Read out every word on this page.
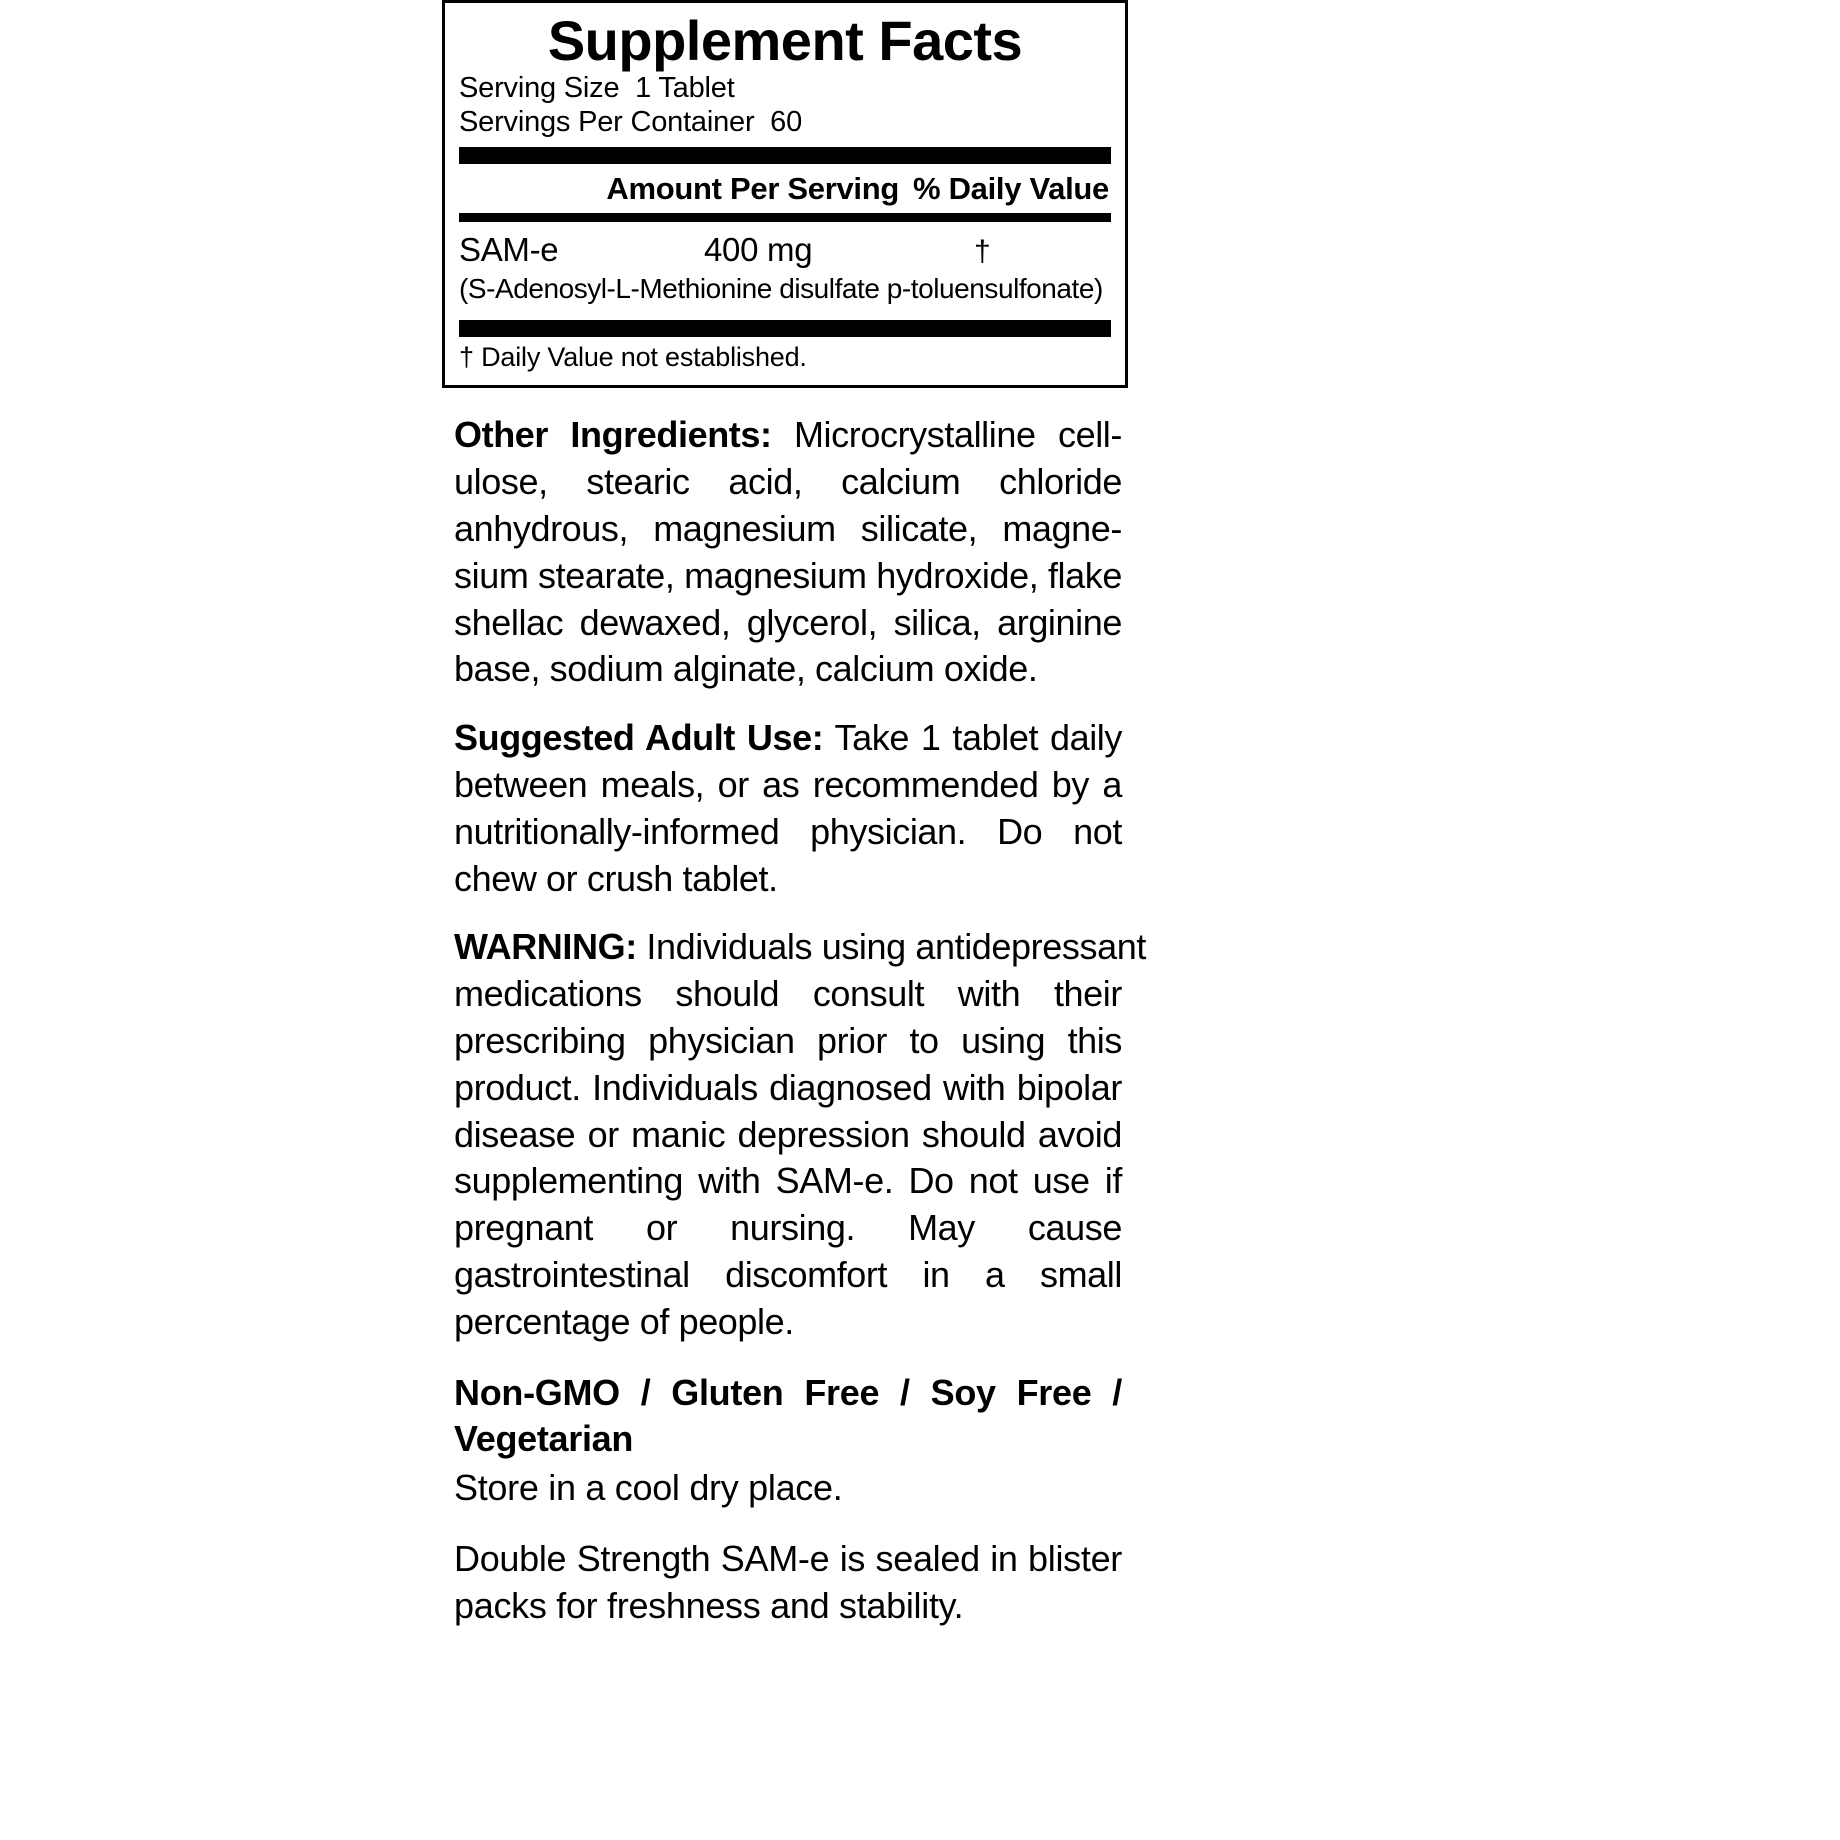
Supplement Facts
Serving Size 1 Tablet
Servings Per Container 60
Amount Per Serving % Daily Value
SAM-e	400 mg	†
(S-Adenosyl-L-Methionine disulfate p-toluensulfonate)
† Daily Value not established.

Other Ingredients: Microcrystalline cell-
ulose, stearic acid, calcium chloride
anhydrous, magnesium silicate, magne-
sium stearate, magnesium hydroxide, flake
shellac dewaxed, glycerol, silica, arginine
base, sodium alginate, calcium oxide.

Suggested Adult Use: Take 1 tablet daily
between meals, or as recommended by a
nutritionally-informed physician. Do not
chew or crush tablet.

WARNING: Individuals using antidepressant
medications should consult with their
prescribing physician prior to using this
product. Individuals diagnosed with bipolar
disease or manic depression should avoid
supplementing with SAM-e. Do not use if
pregnant or nursing. May cause
gastrointestinal discomfort in a small
percentage of people.

Non-GMO / Gluten Free / Soy Free /
Vegetarian
Store in a cool dry place.
Double Strength SAM-e is sealed in blister
packs for freshness and stability.
